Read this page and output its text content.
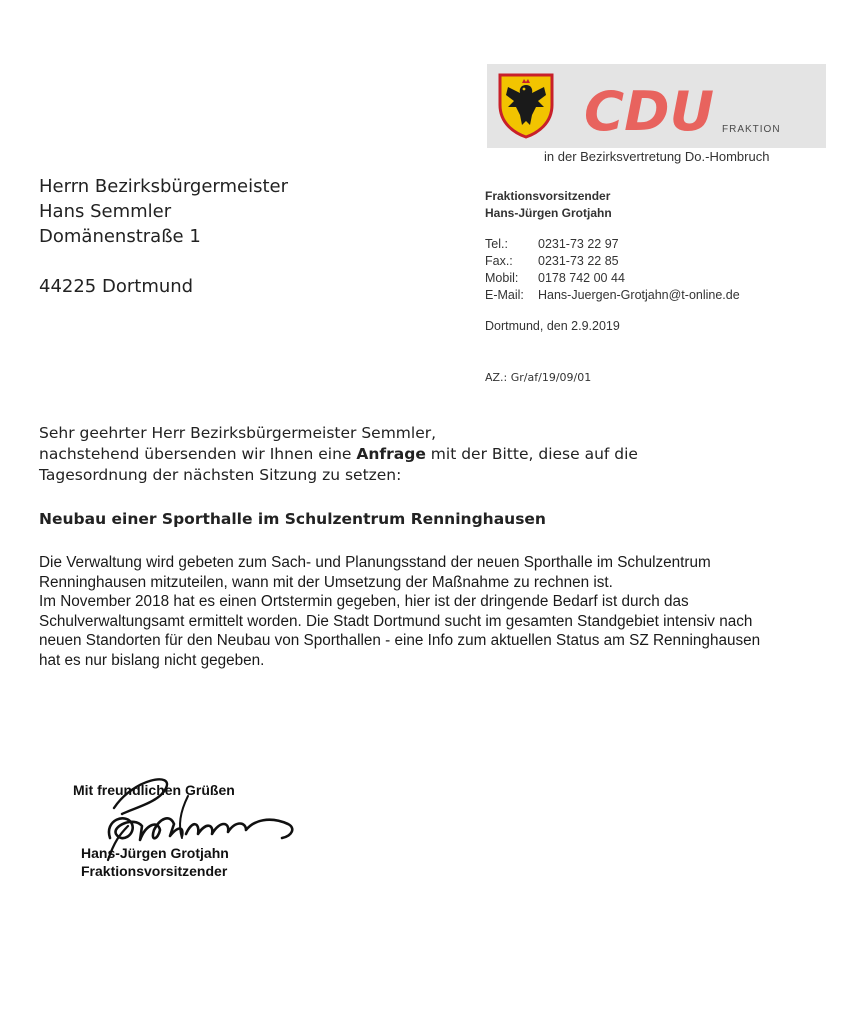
CDU FRAKTION
in der Bezirksvertretung Do.-Hombruch
Herrn Bezirksbürgermeister
Hans Semmler
Domänenstraße 1
44225 Dortmund
Fraktionsvorsitzender
Hans-Jürgen Grotjahn
Tel.: 0231-73 22 97
Fax.: 0231-73 22 85
Mobil: 0178 742 00 44
E-Mail: Hans-Juergen-Grotjahn@t-online.de
Dortmund, den 2.9.2019
AZ.: Gr/af/19/09/01
Sehr geehrter Herr Bezirksbürgermeister Semmler,
nachstehend übersenden wir Ihnen eine Anfrage mit der Bitte, diese auf die
Tagesordnung der nächsten Sitzung zu setzen:
Neubau einer Sporthalle im Schulzentrum Renninghausen

Die Verwaltung wird gebeten zum Sach- und Planungsstand der neuen Sporthalle im Schulzentrum Renninghausen mitzuteilen, wann mit der Umsetzung der Maßnahme zu rechnen ist.

Im November 2018 hat es einen Ortstermin gegeben, hier ist der dringende Bedarf ist durch das Schulverwaltungsamt ermittelt worden. Die Stadt Dortmund sucht im gesamten Standgebiet intensiv nach neuen Standorten für den Neubau von Sporthallen - eine Info zum aktuellen Status am SZ Renninghausen hat es nur bislang nicht gegeben.

Mit freundlichen Grüßen
Hans-Jürgen Grotjahn
Fraktionsvorsitzender
